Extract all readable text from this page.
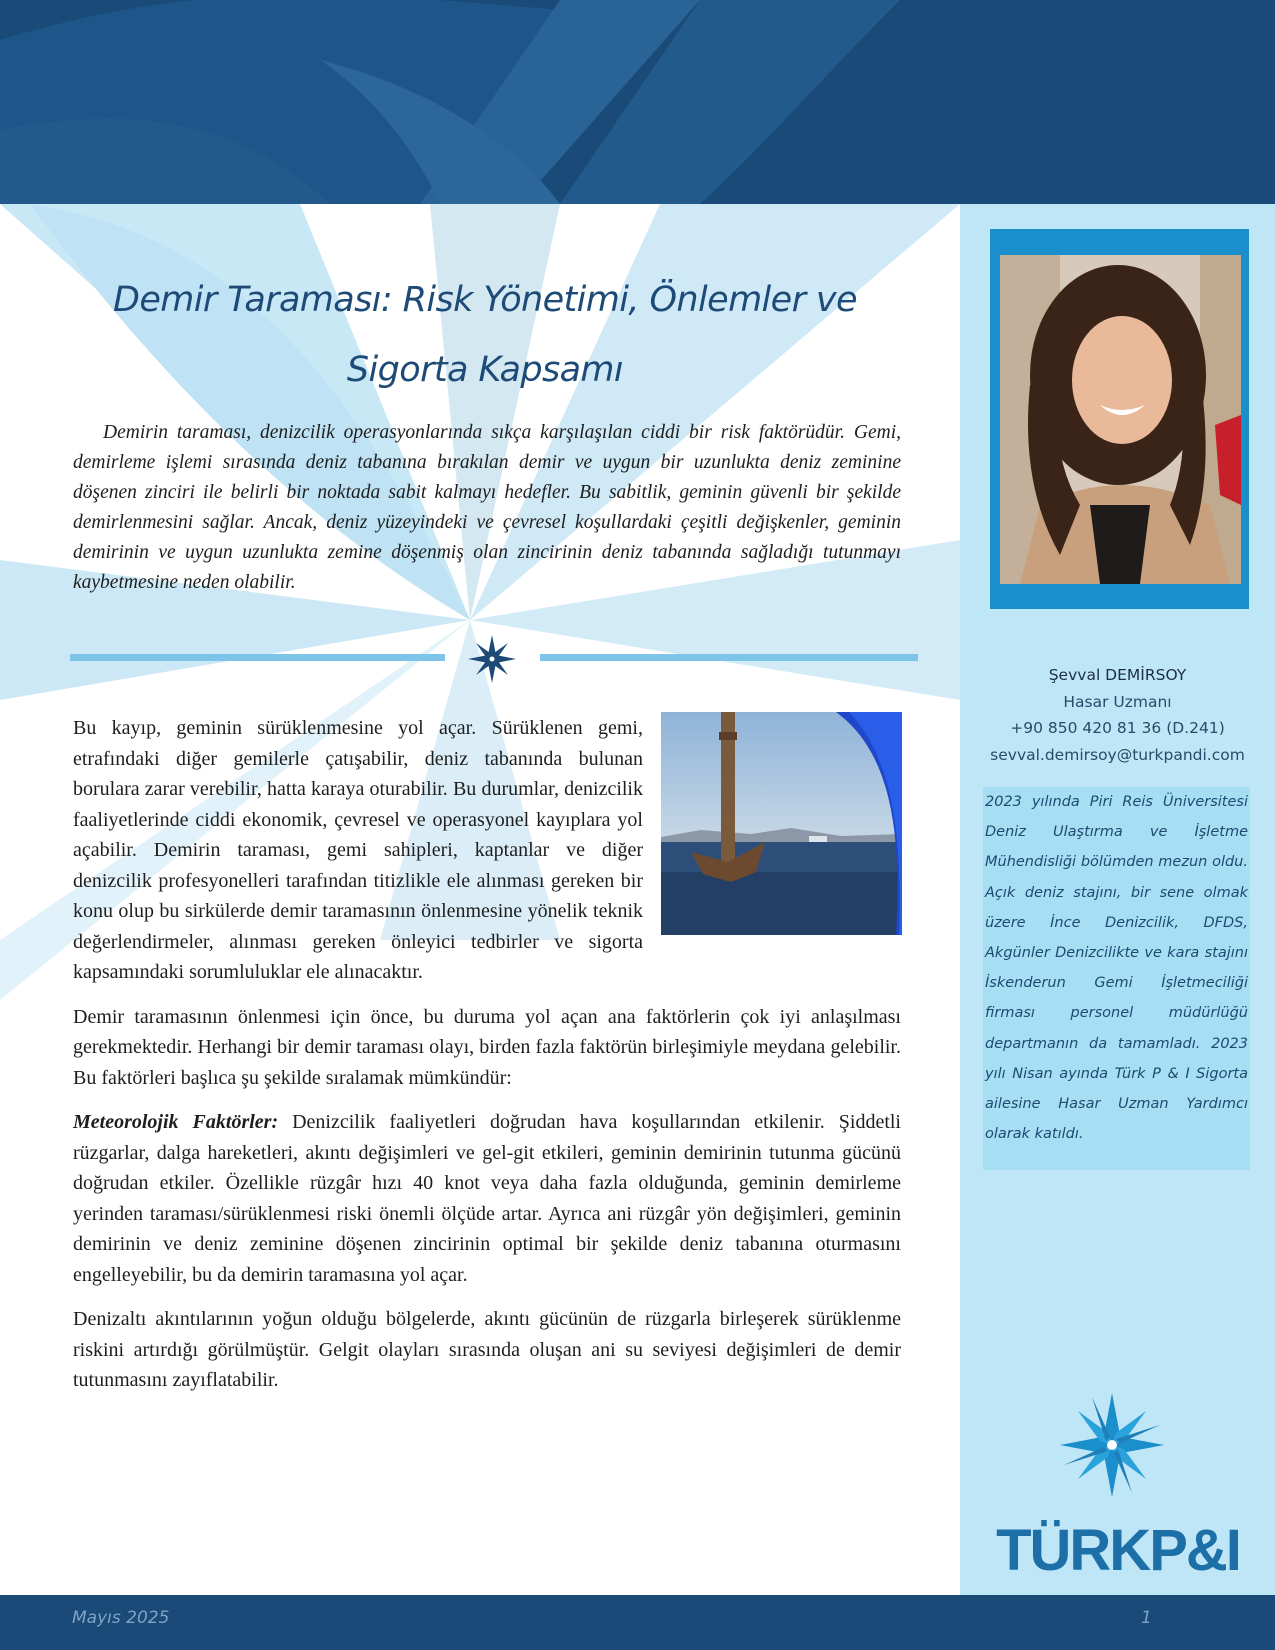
Şevval DEMİRSOY
Hasar Uzmanı
+90 850 420 81 36 (D.241)
sevval.demirsoy@turkpandi.com
2023 yılında Piri Reis Üniversitesi Deniz Ulaştırma ve İşletme Mühendisliği bölümden mezun oldu. Açık deniz stajını, bir sene olmak üzere İnce Denizcilik, DFDS, Akgünler Denizcilikte ve kara stajını İskenderun Gemi İşletmeciliği firması personel müdürlüğü departmanın da tamamladı. 2023 yılı Nisan ayında Türk P & I Sigorta ailesine Hasar Uzman Yardımcı olarak katıldı.
TÜRKP&I
Demir Taraması: Risk Yönetimi, Önlemler ve
Sigorta Kapsamı

Demirin taraması, denizcilik operasyonlarında sıkça karşılaşılan ciddi bir risk faktörüdür. Gemi, demirleme işlemi sırasında deniz tabanına bırakılan demir ve uygun bir uzunlukta deniz zeminine döşenen zinciri ile belirli bir noktada sabit kalmayı hedefler. Bu sabitlik, geminin güvenli bir şekilde demirlenmesini sağlar. Ancak, deniz yüzeyindeki ve çevresel koşullardaki çeşitli değişkenler, geminin demirinin ve uygun uzunlukta zemine döşenmiş olan zincirinin deniz tabanında sağladığı tutunmayı kaybetmesine neden olabilir.

Bu kayıp, geminin sürüklenmesine yol açar. Sürüklenen gemi, etrafındaki diğer gemilerle çatışabilir, deniz tabanında bulunan borulara zarar verebilir, hatta karaya oturabilir. Bu durumlar, denizcilik faaliyetlerinde ciddi ekonomik, çevresel ve operasyonel kayıplara yol açabilir. Demirin taraması, gemi sahipleri, kaptanlar ve diğer denizcilik profesyonelleri tarafından titizlikle ele alınması gereken bir konu olup bu sirkülerde demir taramasının önlenmesine yönelik teknik değerlendirmeler, alınması gereken önleyici tedbirler ve sigorta kapsamındaki sorumluluklar ele alınacaktır.

Demir taramasının önlenmesi için önce, bu duruma yol açan ana faktörlerin çok iyi anlaşılması gerekmektedir. Herhangi bir demir taraması olayı, birden fazla faktörün birleşimiyle meydana gelebilir. Bu faktörleri başlıca şu şekilde sıralamak mümkündür:

Meteorolojik Faktörler: Denizcilik faaliyetleri doğrudan hava koşullarından etkilenir. Şiddetli rüzgarlar, dalga hareketleri, akıntı değişimleri ve gel-git etkileri, geminin demirinin tutunma gücünü doğrudan etkiler. Özellikle rüzgâr hızı 40 knot veya daha fazla olduğunda, geminin demirleme yerinden taraması/sürüklenmesi riski önemli ölçüde artar. Ayrıca ani rüzgâr yön değişimleri, geminin demirinin ve deniz zeminine döşenen zincirinin optimal bir şekilde deniz tabanına oturmasını engelleyebilir, bu da demirin taramasına yol açar.

Denizaltı akıntılarının yoğun olduğu bölgelerde, akıntı gücünün de rüzgarla birleşerek sürüklenme riskini artırdığı görülmüştür. Gelgit olayları sırasında oluşan ani su seviyesi değişimleri de demir tutunmasını zayıflatabilir.

Mayıs 2025	1
